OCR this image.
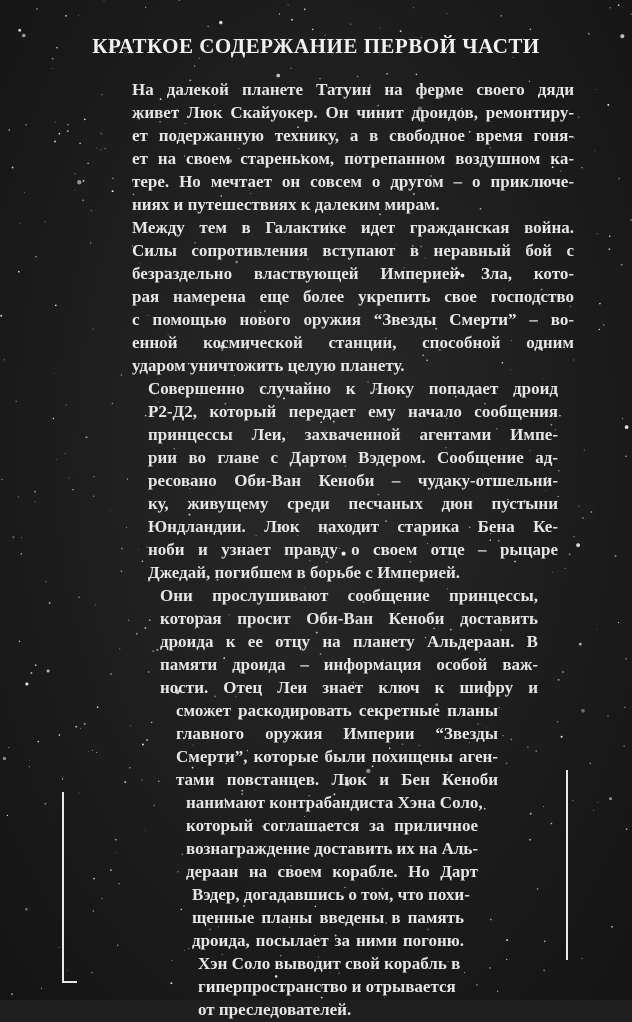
КРАТКОЕ СОДЕРЖАНИЕ ПЕРВОЙ ЧАСТИ
На далекой планете Татуин на ферме своего дяди
живет Люк Скайуокер. Он чинит дроидов, ремонтиру-
ет подержанную технику, а в свободное время гоня-
ет на своем стареньком, потрепанном воздушном ка-
тере. Но мечтает он совсем о другом – о приключе-
ниях и путешествиях к далеким мирам.
Между тем в Галактике идет гражданская война.
Силы сопротивления вступают в неравный бой с
безраздельно властвующей Империей Зла, кото-
рая намерена еще более укрепить свое господство
с помощью нового оружия “Звезды Смерти” – во-
енной космической станции, способной одним
ударом уничтожить целую планету.
Совершенно случайно к Люку попадает дроид
Р2-Д2, который передает ему начало сообщения
принцессы Леи, захваченной агентами Импе-
рии во главе с Дартом Вэдером. Сообщение ад-
ресовано Оби-Ван Кеноби – чудаку-отшельни-
ку, живущему среди песчаных дюн пустыни
Юндландии. Люк находит старика Бена Ке-
ноби и узнает правду о своем отце – рыцаре
Джедай, погибшем в борьбе с Империей.
Они прослушивают сообщение принцессы,
которая просит Оби-Ван Кеноби доставить
дроида к ее отцу на планету Альдераан. В
памяти дроида – информация особой важ-
ности. Отец Леи знает ключ к шифру и
сможет раскодировать секретные планы
главного оружия Империи “Звезды
Смерти”, которые были похищены аген-
тами повстанцев. Люк и Бен Кеноби
нанимают контрабандиста Хэна Соло,
который соглашается за приличное
вознаграждение доставить их на Аль-
дераан на своем корабле. Но Дарт
Вэдер, догадавшись о том, что похи-
щенные планы введены в память
дроида, посылает за ними погоню.
Хэн Соло выводит свой корабль в
гиперпространство и отрывается
от преследователей.
